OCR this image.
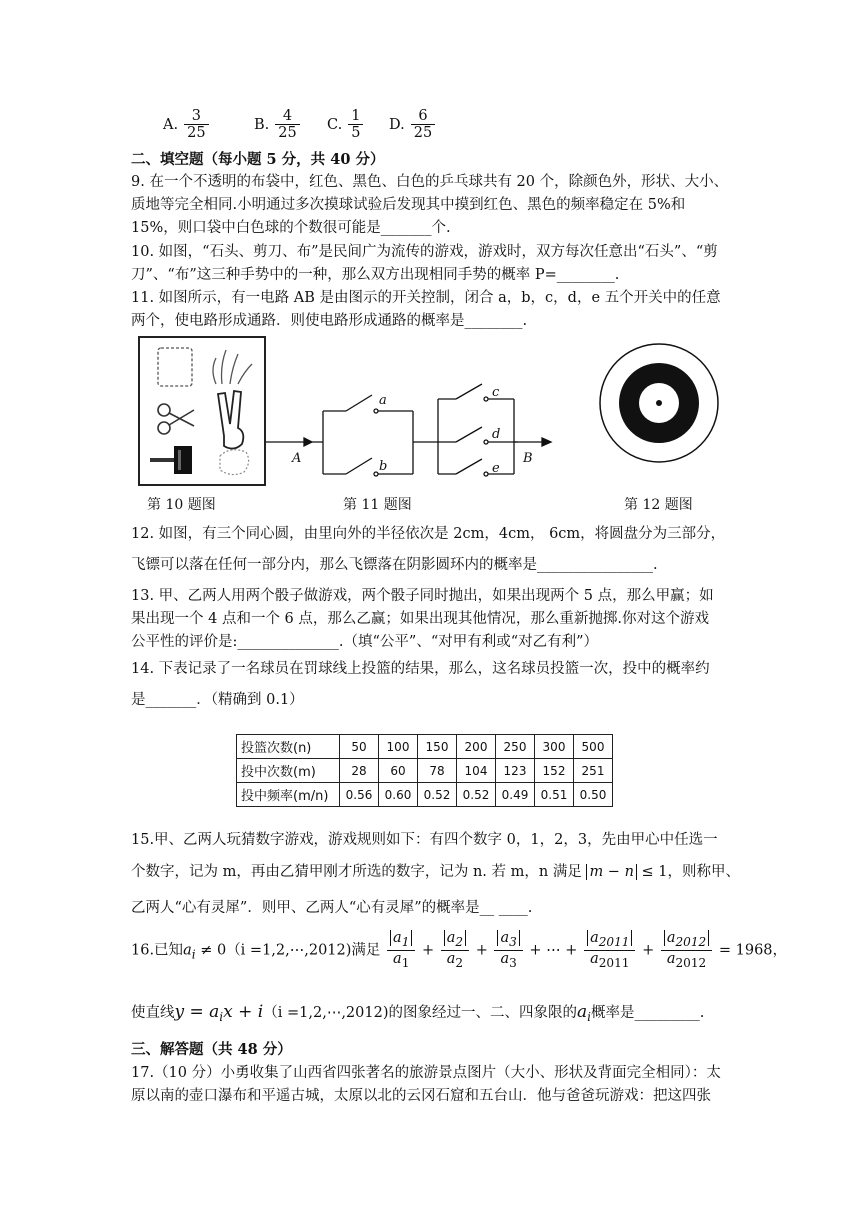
A. $\frac{3}{25}$	B. $\frac{4}{25} C$. $\frac{1}{5} D$. $\frac{6}{25}$
二、填空题（每小题 5 分，共 40 分）
9. 在一个不透明的布袋中，红色、黑色、白色的乒乓球共有 20 个，除颜色外，形状、大小、
质地等完全相同.小明通过多次摸球试验后发现其中摸到红色、黑色的频率稳定在 5%和
15%，则口袋中白色球的个数很可能是_______个.
10. 如图，“石头、剪刀、布”是民间广为流传的游戏，游戏时，双方每次任意出“石头”、“剪
刀”、“布”这三种手势中的一种，那么双方出现相同手势的概率 P=________.
11. 如图所示，有一电路 AB 是由图示的开关控制，闭合 a，b，c，d，e 五个开关中的任意
两个，使电路形成通路．则使电路形成通路的概率是________.
a
b
c
d
e
A	B
第 10 题图	第 11 题图	第 12 题图
12. 如图，有三个同心圆，由里向外的半径依次是 2cm，4cm， 6cm，将圆盘分为三部分，
飞镖可以落在任何一部分内，那么飞镖落在阴影圆环内的概率是________________.
13. 甲、乙两人用两个骰子做游戏，两个骰子同时抛出，如果出现两个 5 点，那么甲赢；如
果出现一个 4 点和一个 6 点，那么乙赢；如果出现其他情况，那么重新抛掷.你对这个游戏
公平性的评价是:______________.（填“公平”、“对甲有利或“对乙有利”）
14. 下表记录了一名球员在罚球线上投篮的结果，那么，这名球员投篮一次，投中的概率约
是_______．（精确到 0.1）
投篮次数(n)	50	100	150	200	250	300	500
投中次数(m)	28	60	78	104	123	152	251
投中频率(m/n)	0.56	0.60	0.52	0.52	0.49	0.51	0.50
15.甲、乙两人玩猜数字游戏，游戏规则如下：有四个数字 0，1，2，3，先由甲心中任选一
个数字，记为 m，再由乙猜甲刚才所选的数字，记为 n. 若 m，n 满足 m − n ≤ 1，则称甲、
乙两人“心有灵犀”．则甲、乙两人“心有灵犀”的概率是__ ____.
16.已知$a_i \ne 0(i$ =1,2,⋯,2012)满足 $\frac{a_1}{a_1} + \frac{a_2}{a_2} + \frac{a_3}{a_3}$ + ⋯ + $\frac{a_{2011}}{a_{2011}} + \frac{a_{2012}}{a_{2012}} = 1968$，
使直线$y = a_ix + i(i$ =1,2,⋯,2012)的图象经过一、二、四象限的$a_i$概率是_________.
三、解答题（共 48 分）
17.（10 分）小勇收集了山西省四张著名的旅游景点图片（大小、形状及背面完全相同）：太
原以南的壶口瀑布和平遥古城，太原以北的云冈石窟和五台山．他与爸爸玩游戏：把这四张
